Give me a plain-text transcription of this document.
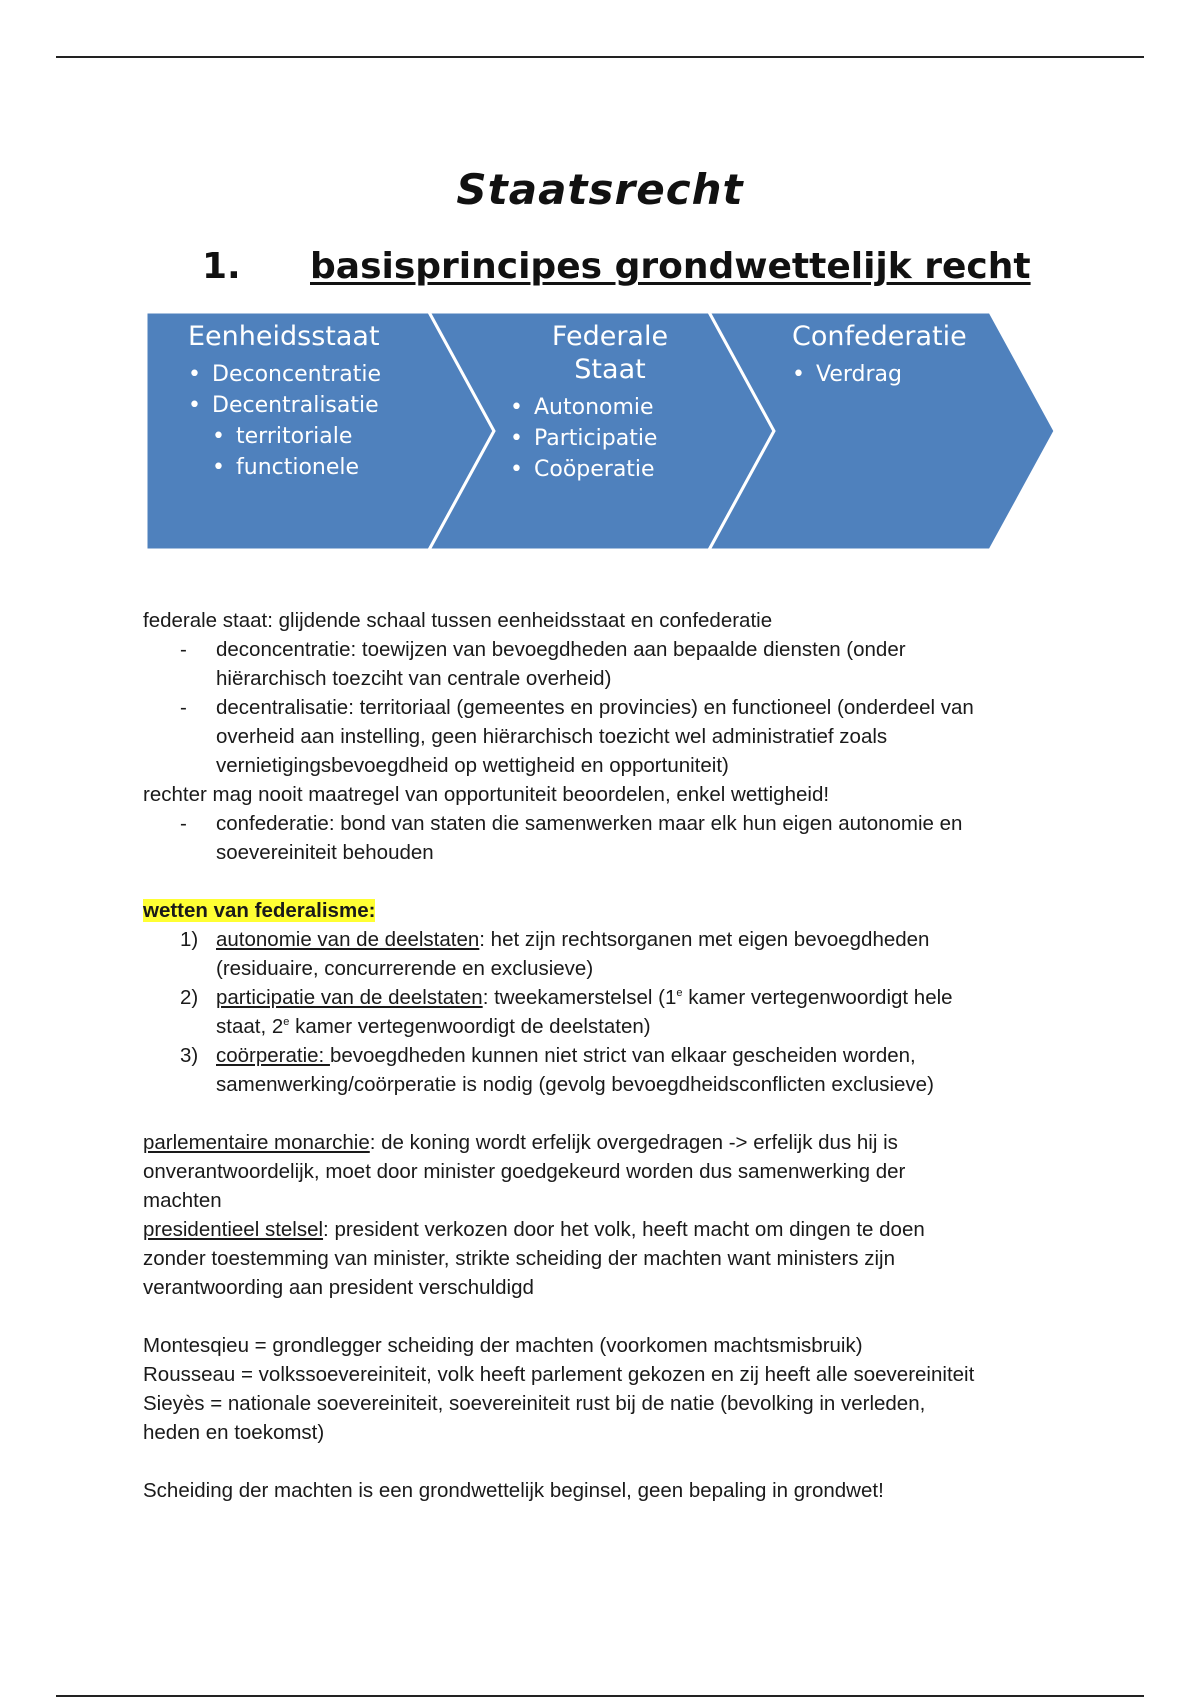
Staatsrecht
1. basisprincipes grondwettelijk recht
Eenheidsstaat
• Deconcentratie
• Decentralisatie
• territoriale
• functionele
Federale
Staat
• Autonomie
• Participatie
• Coöperatie
Confederatie
• Verdrag

federale staat: glijdende schaal tussen eenheidsstaat en confederatie

- deconcentratie: toewijzen van bevoegdheden aan bepaalde diensten (onder

hiërarchisch toezciht van centrale overheid)

- decentralisatie: territoriaal (gemeentes en provincies) en functioneel (onderdeel van

overheid aan instelling, geen hiërarchisch toezicht wel administratief zoals

vernietigingsbevoegdheid op wettigheid en opportuniteit)

rechter mag nooit maatregel van opportuniteit beoordelen, enkel wettigheid!

- confederatie: bond van staten die samenwerken maar elk hun eigen autonomie en

soevereiniteit behouden

wetten van federalisme:

1) autonomie van de deelstaten: het zijn rechtsorganen met eigen bevoegdheden

(residuaire, concurrerende en exclusieve)

2) participatie van de deelstaten: tweekamerstelsel (1e kamer vertegenwoordigt hele

staat, 2e kamer vertegenwoordigt de deelstaten)

3) coörperatie: bevoegdheden kunnen niet strict van elkaar gescheiden worden,

samenwerking/coörperatie is nodig (gevolg bevoegdheidsconflicten exclusieve)

parlementaire monarchie: de koning wordt erfelijk overgedragen -> erfelijk dus hij is

onverantwoordelijk, moet door minister goedgekeurd worden dus samenwerking der

machten

presidentieel stelsel: president verkozen door het volk, heeft macht om dingen te doen

zonder toestemming van minister, strikte scheiding der machten want ministers zijn

verantwoording aan president verschuldigd

Montesqieu = grondlegger scheiding der machten (voorkomen machtsmisbruik)

Rousseau = volkssoevereiniteit, volk heeft parlement gekozen en zij heeft alle soevereiniteit

Sieyès = nationale soevereiniteit, soevereiniteit rust bij de natie (bevolking in verleden,

heden en toekomst)

Scheiding der machten is een grondwettelijk beginsel, geen bepaling in grondwet!
